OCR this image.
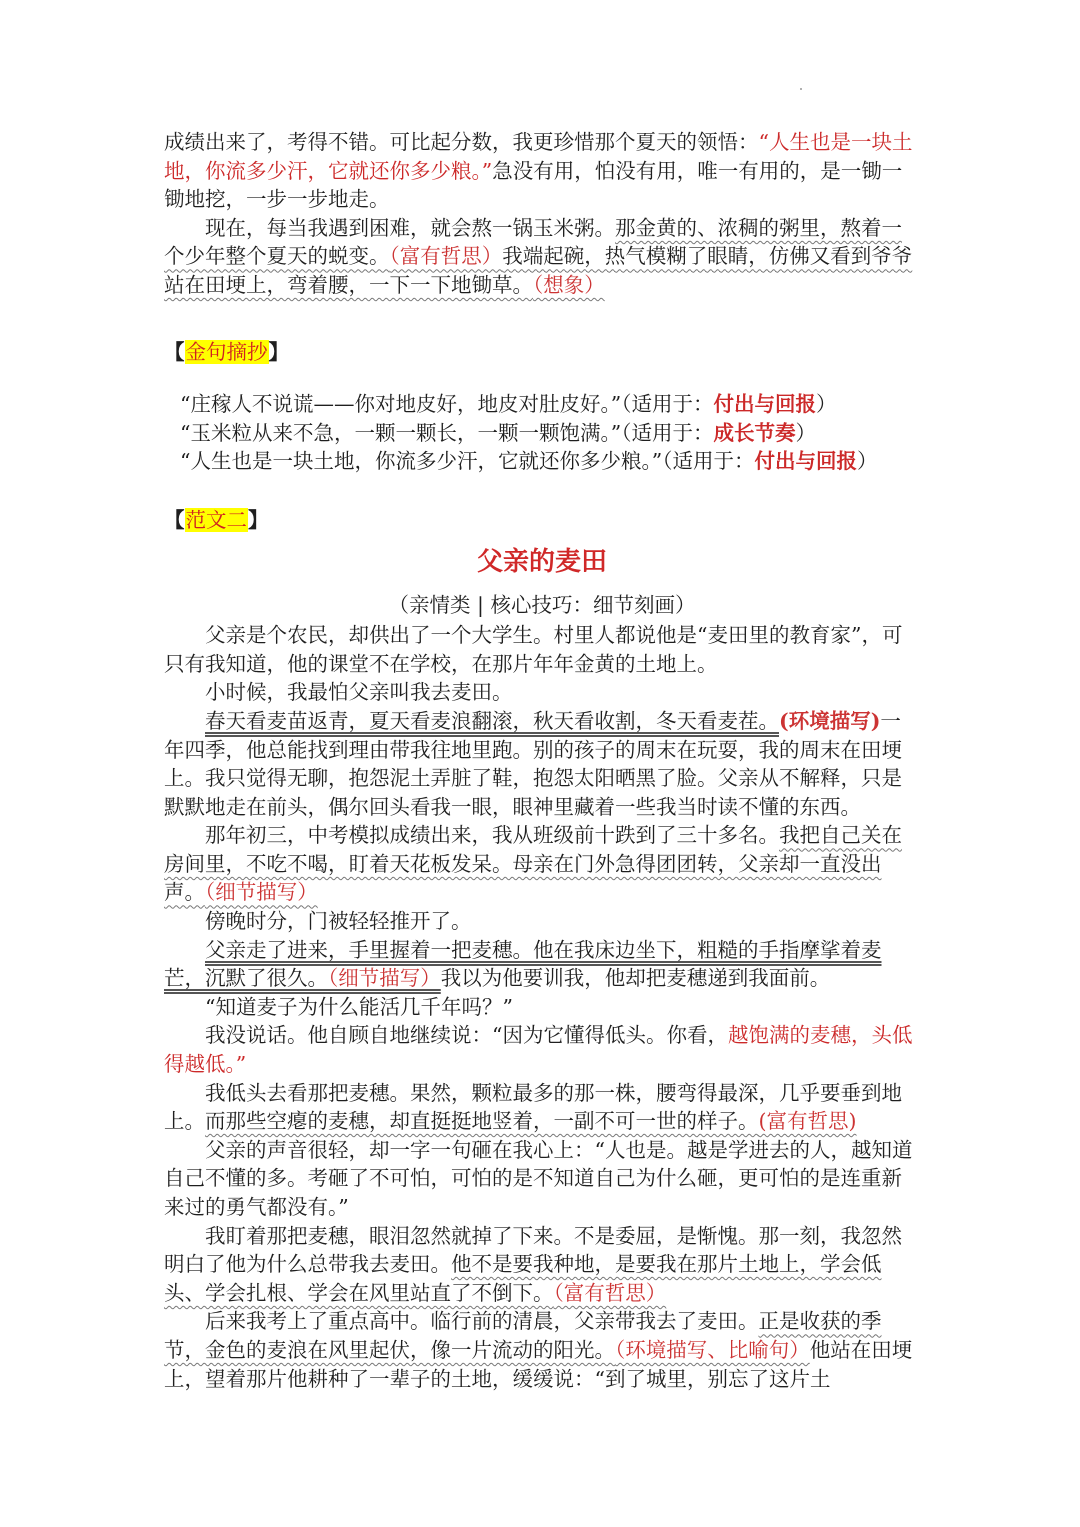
成绩出来了，考得不错。可比起分数，我更珍惜那个夏天的领悟：“人生也是一块土地，你流多少汗，它就还你多少粮。”急没有用，怕没有用，唯一有用的，是一锄一锄地挖，一步一步地走。

现在，每当我遇到困难，就会熬一锅玉米粥。那金黄的、浓稠的粥里，熬着一个少年整个夏天的蜕变。（富有哲思）我端起碗，热气模糊了眼睛，仿佛又看到爷爷站在田埂上，弯着腰，一下一下地锄草。（想象）

【金句摘抄】
“庄稼人不说谎——你对地皮好，地皮对肚皮好。”（适用于：付出与回报）
“玉米粒从来不急，一颗一颗长，一颗一颗饱满。”（适用于：成长节奏）
“人生也是一块土地，你流多少汗，它就还你多少粮。”（适用于：付出与回报）
【范文二】
父亲的麦田
（亲情类 | 核心技巧：细节刻画）

父亲是个农民，却供出了一个大学生。村里人都说他是“麦田里的教育家”，可只有我知道，他的课堂不在学校，在那片年年金黄的土地上。

小时候，我最怕父亲叫我去麦田。

春天看麦苗返青，夏天看麦浪翻滚，秋天看收割，冬天看麦茬。(环境描写)一年四季，他总能找到理由带我往地里跑。别的孩子的周末在玩耍，我的周末在田埂上。我只觉得无聊，抱怨泥土弄脏了鞋，抱怨太阳晒黑了脸。父亲从不解释，只是默默地走在前头，偶尔回头看我一眼，眼神里藏着一些我当时读不懂的东西。

那年初三，中考模拟成绩出来，我从班级前十跌到了三十多名。我把自己关在房间里，不吃不喝，盯着天花板发呆。母亲在门外急得团团转，父亲却一直没出声。（细节描写）

傍晚时分，门被轻轻推开了。

父亲走了进来，手里握着一把麦穗。他在我床边坐下，粗糙的手指摩挲着麦芒，沉默了很久。（细节描写）我以为他要训我，他却把麦穗递到我面前。

“知道麦子为什么能活几千年吗？”

我没说话。他自顾自地继续说：“因为它懂得低头。你看，越饱满的麦穗，头低得越低。”

我低头去看那把麦穗。果然，颗粒最多的那一株，腰弯得最深，几乎要垂到地上。而那些空瘪的麦穗，却直挺挺地竖着，一副不可一世的样子。(富有哲思)

父亲的声音很轻，却一字一句砸在我心上：“人也是。越是学进去的人，越知道自己不懂的多。考砸了不可怕，可怕的是不知道自己为什么砸，更可怕的是连重新来过的勇气都没有。”

我盯着那把麦穗，眼泪忽然就掉了下来。不是委屈，是惭愧。那一刻，我忽然明白了他为什么总带我去麦田。他不是要我种地，是要我在那片土地上，学会低头、学会扎根、学会在风里站直了不倒下。（富有哲思）

后来我考上了重点高中。临行前的清晨，父亲带我去了麦田。正是收获的季节，金色的麦浪在风里起伏，像一片流动的阳光。（环境描写、比喻句）他站在田埂上，望着那片他耕种了一辈子的土地，缓缓说：“到了城里，别忘了这片土
